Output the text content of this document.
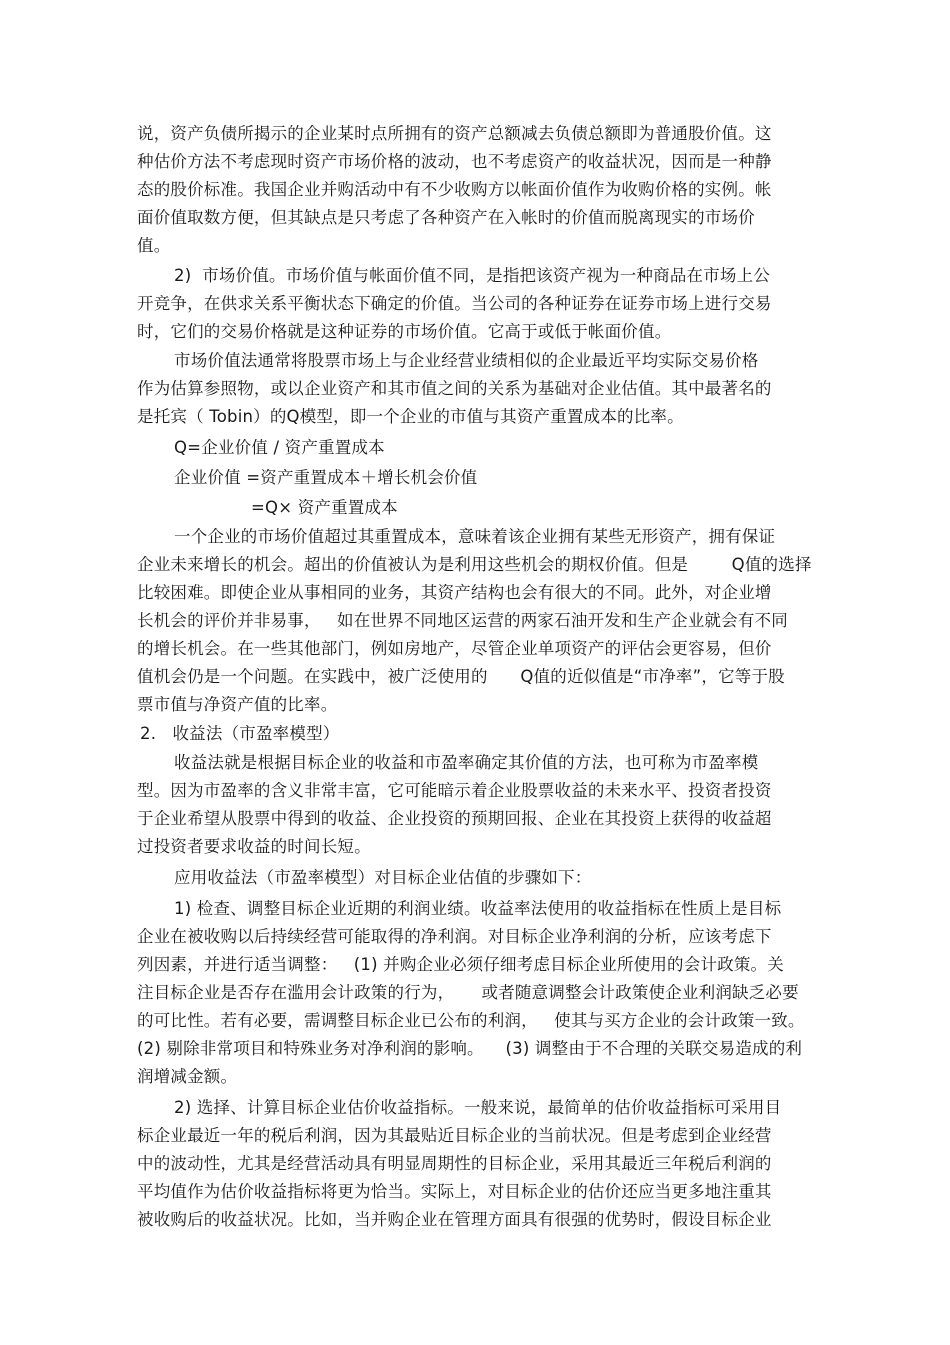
说，资产负债所揭示的企业某时点所拥有的资产总额减去负债总额即为普通股价值。这
种估价方法不考虑现时资产市场价格的波动，也不考虑资产的收益状况，因而是一种静
态的股价标准。我国企业并购活动中有不少收购方以帐面价值作为收购价格的实例。帐
面价值取数方便，但其缺点是只考虑了各种资产在入帐时的价值而脱离现实的市场价
值。
2)  市场价值。市场价值与帐面价值不同，是指把该资产视为一种商品在市场上公
开竞争，在供求关系平衡状态下确定的价值。当公司的各种证券在证券市场上进行交易
时，它们的交易价格就是这种证券的市场价值。它高于或低于帐面价值。
市场价值法通常将股票市场上与企业经营业绩相似的企业最近平均实际交易价格
作为估算参照物，或以企业资产和其市值之间的关系为基础对企业估值。其中最著名的
是托宾（ Tobin）的Q模型，即一个企业的市值与其资产重置成本的比率。
Q=企业价值 / 资产重置成本
企业价值 =资产重置成本＋增长机会价值
=Q× 资产重置成本
一个企业的市场价值超过其重置成本，意味着该企业拥有某些无形资产，拥有保证
企业未来增长的机会。超出的价值被认为是利用这些机会的期权价值。但是        Q值的选择
比较困难。即使企业从事相同的业务，其资产结构也会有很大的不同。此外，对企业增
长机会的评价并非易事，   如在世界不同地区运营的两家石油开发和生产企业就会有不同
的增长机会。在一些其他部门，例如房地产，尽管企业单项资产的评估会更容易，但价
值机会仍是一个问题。在实践中，被广泛使用的      Q值的近似值是“市净率”，它等于股
票市值与净资产值的比率。
2.   收益法（市盈率模型）
收益法就是根据目标企业的收益和市盈率确定其价值的方法，也可称为市盈率模
型。因为市盈率的含义非常丰富，它可能暗示着企业股票收益的未来水平、投资者投资
于企业希望从股票中得到的收益、企业投资的预期回报、企业在其投资上获得的收益超
过投资者要求收益的时间长短。
应用收益法（市盈率模型）对目标企业估值的步骤如下：
1) 检查、调整目标企业近期的利润业绩。收益率法使用的收益指标在性质上是目标
企业在被收购以后持续经营可能取得的净利润。对目标企业净利润的分析，应该考虑下
列因素，并进行适当调整：   (1) 并购企业必须仔细考虑目标企业所使用的会计政策。关
注目标企业是否存在滥用会计政策的行为，     或者随意调整会计政策使企业利润缺乏必要
的可比性。若有必要，需调整目标企业已公布的利润，   使其与买方企业的会计政策一致。
(2) 剔除非常项目和特殊业务对净利润的影响。    (3) 调整由于不合理的关联交易造成的利
润增减金额。
2) 选择、计算目标企业估价收益指标。一般来说，最简单的估价收益指标可采用目
标企业最近一年的税后利润，因为其最贴近目标企业的当前状况。但是考虑到企业经营
中的波动性，尤其是经营活动具有明显周期性的目标企业，采用其最近三年税后利润的
平均值作为估价收益指标将更为恰当。实际上，对目标企业的估价还应当更多地注重其
被收购后的收益状况。比如，当并购企业在管理方面具有很强的优势时，假设目标企业
